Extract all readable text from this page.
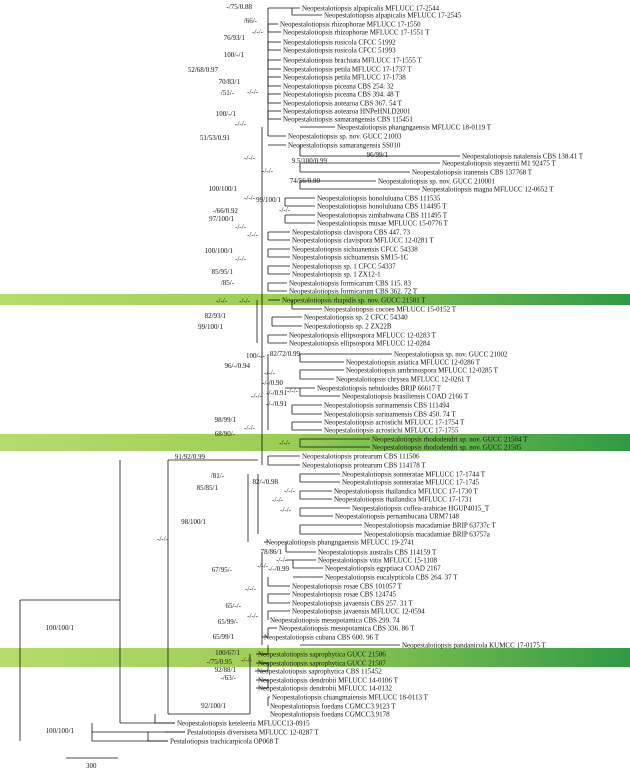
-/75/0.88
/66/-
-/-/-
76/93/1
100/-/1
52/68/0.97
70/83/1
/51/- -/-/-
100/-/1
-/-/-
51/53/0.91
-/-/-	9.5/100/0.99
96/99/1
-/-/-
74/56/0.90
100/100/1
99/100/1
-/-/-
-/-/-
-/66/0.92
97/100/1
-/-/-
-/-/-
100/100/1
-/-/-
85/95/1
/85/-
-/-/- -/-/-
82/93/1
99/100/1
100/-/- 82/72/0.99
96/-/0.94
-/-/-
-/-/0.90
-/-/0.91 -/-/-
-/-/0.91
-/-/-
98/99/1
-/-/-
68/90/-
-/-/-
91/92/0.99
/81/-
82/-/0.98
85/85/1	-/-/-
-/-/-
-/-/-
98/100/1
-/-/-
78/86/1
-/-/-
-/-/0.99
67/95/-	-/-/-
-/-/-
65/-/-
65/99/-
-/-/-
65/99/1
100/100/1
100/67/1
-/75/0.95
92/88/1
-/63/-
-/-/-
92/100/1
100/100/1
Neopestalotiopsis alpapicalis MFLUCC 17-2544
Neopestalotiopsis alpapicalis MFLUCC 17-2545
Neopestalotiopsis rhizophorae MFLUCC 17-1550
Neopestalotiopsis rhizophorae MFLUCC 17-1551 T
Neopestalotiopsis rosicola CFCC 51992
Neopestalotiopsis rosicola CFCC 51993
Neopestalotiopsis brachiata MFLUCC 17-1555 T
Neopestalotiopsis petila MFLUCC 17-1737 T
Neopestalotiopsis petila MFLUCC 17-1738
Neopestalotiopsis piceana CBS 254. 32
Neopestalotiopsis piceana CBS 394. 48 T
Neopestalotiopsis aotearoa CBS 367. 54 T
Neopestalotiopsis aotearoa HNPeHNLD2001
Neopestalotiopsis samarangensis CBS 115451
Neopestalotiopsis phangngaensis MFLUCC 18-0119 T
Neopestalotiopsis sp. nov. GUCC 21003
Neopestalotiopsis samarangensis SS010
Neopestalotiopsis natalensis CBS 138.41 T
Neopestalotiopsis steyaertii M1 92475 T
Neopestalotiopsis iranensis CBS 137768 T
Neopestalotiopsis sp. nov. GUCC 210001
Neopestalotiopsis magna MFLUCC 12-0652 T
Neopestalotiopsis honoluluana CBS 111535
Neopestalotiopsis honoluluana CBS 114495 T
Neopestalotiopsis zimbabwana CBS 111495 T
Neopestalotiopsis musae MFLUCC 15-0776 T
Neopestalotiopsis clavispora CBS 447. 73
Neopestalotiopsis clavispora MFLUCC 12-0281 T
Neopestalotiopsis sichuanensis CFCC 54338
Neopestalotiopsis sichuanensis SM15-1C
Neopestalotiopsis sp. 1 CFCC 54337
Neopestalotiopsis sp. 1 ZX12-1
Neopestalotiopsis formicarum CBS 115. 83
Neopestalotiopsis formicarum CBS 362. 72 T
Neopestalotiopsis rhapidis sp. nov. GUCC 21501 T
Neopestalotiopsis cocoes MFLUCC 15-0152 T
Neopestalotiopsis sp. 2 CFCC 54340
Neopestalotiopsis sp. 2 ZX22B
Neopestalotiopsis ellipsospora MFLUCC 12-0283 T
Neopestalotiopsis ellipsospora MFLUCC 12-0284
Neopestalotiopsis sp. nov. GUCC 21002
Neopestalotiopsis asiatica MFLUCC 12-0286 T
Neopestalotiopsis umbrinospora MFLUCC 12-0285 T
Neopestalotiopsis chrysea MFLUCC 12-0261 T
Neopestalotiopsis nebuloides BRIP 66617 T
Neopestalotiopsis brasiliensis COAD 2166 T
Neopestalotiopsis surinamensis CBS 111494
Neopestalotiopsis surinamensis CBS 450. 74 T
Neopestalotiopsis acrostichi MFLUCC 17-1754 T
Neopestalotiopsis acrostichi MFLUCC 17-1755
Neopestalotiopsis rhododendri sp. nov. GUCC 21504 T
Neopestalotiopsis rhododendri sp. nov. GUCC 21505
Neopestalotiopsis protearum CBS 111506
Neopestalotiopsis protearum CBS 114178 T
Neopestalotiopsis sonneratae MFLUCC 17-1744 T
Neopestalotiopsis sonneratae MFLUCC 17-1745
Neopestalotiopsis thailandica MFLUCC 17-1730 T
Neopestalotiopsis thailandica MFLUCC 17-1731
Neopestalotiopsis coffea-arabicae HGUP4015_T
Neopestalotiopsis pernambucana URM7148
Neopestalotiopsis macadamiae BRIP 63737c T
Neopestalotiopsis macadamiae BRIP 63757a
Neopestalotiopsis phangngaensis MFLUCC 19-2741
Neopestalotiopsis australis CBS 114159 T
Neopestalotiopsis vitis MFLUCC 15-1108
Neopestalotiopsis egyptiaca COAD 2167
Neopestalotiopsis eucalypticola CBS 264. 37 T
Neopestalotiopsis rosae CBS 101057 T
Neopestalotiopsis rosae CBS 124745
Neopestalotiopsis javaensis CBS 257. 31 T
Neopestalotiopsis javaensis MFLUCC 12-0594
Neopestalotiopsis mesopotamica CBS 299. 74
Neopestalotiopsis mesopotamica CBS 336. 86 T
Neopestalotiopsis cubana CBS 600. 96 T
Neopestalotiopsis pandanicola KUMCC 17-0175 T
Neopestalotiopsis saprophytica GUCC 21506
Neopestalotiopsis saprophytica GUCC 21507
Neopestalotiopsis saprophytica CBS 115452
Neopestalotiopsis dendrobii MFLUCC 14-0106 T
Neopestalotiopsis dendrobii MFLUCC 14-0132
Neopestalotiopsis chiangmaiensis MFLUCC 18-0113 T
Neopestalotiopsis foedans CGMCC3.9123 T
Neopestalotiopsis foedans CGMCC3.9178
Neopestalotiopsis keteleeria MFLUCC13-0915
Pestalotiopsis diversiseta MFLUCC 12-0287 T
Pestalotiopsis trachicarpicola OP068 T
300
